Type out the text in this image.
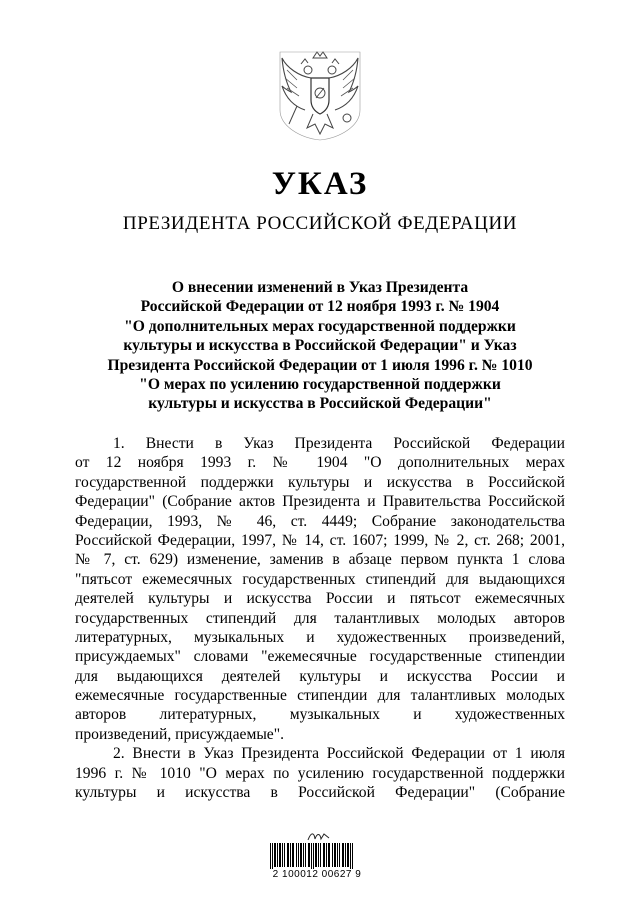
УКАЗ
ПРЕЗИДЕНТА РОССИЙСКОЙ ФЕДЕРАЦИИ
О внесении изменений в Указ Президента
Российской Федерации от 12 ноября 1993 г. № 1904
"О дополнительных мерах государственной поддержки
культуры и искусства в Российской Федерации" и Указ
Президента Российской Федерации от 1 июля 1996 г. № 1010
"О мерах по усилению государственной поддержки
культуры и искусства в Российской Федерации"
1. Внести в Указ Президента Российской Федерации
от 12 ноября 1993 г. № 1904 "О дополнительных мерах
государственной поддержки культуры и искусства в Российской
Федерации" (Собрание актов Президента и Правительства Российской
Федерации, 1993, № 46, ст. 4449; Собрание законодательства
Российской Федерации, 1997, № 14, ст. 1607; 1999, № 2, ст. 268; 2001,
№ 7, ст. 629) изменение, заменив в абзаце первом пункта 1 слова
"пятьсот ежемесячных государственных стипендий для выдающихся
деятелей культуры и искусства России и пятьсот ежемесячных
государственных стипендий для талантливых молодых авторов
литературных, музыкальных и художественных произведений,
присуждаемых" словами "ежемесячные государственные стипендии
для выдающихся деятелей культуры и искусства России и
ежемесячные государственные стипендии для талантливых молодых
авторов литературных, музыкальных и художественных
произведений, присуждаемые".
2. Внести в Указ Президента Российской Федерации от 1 июля
1996 г. № 1010 "О мерах по усилению государственной поддержки
культуры и искусства в Российской Федерации" (Собрание
2 100012 00627 9
